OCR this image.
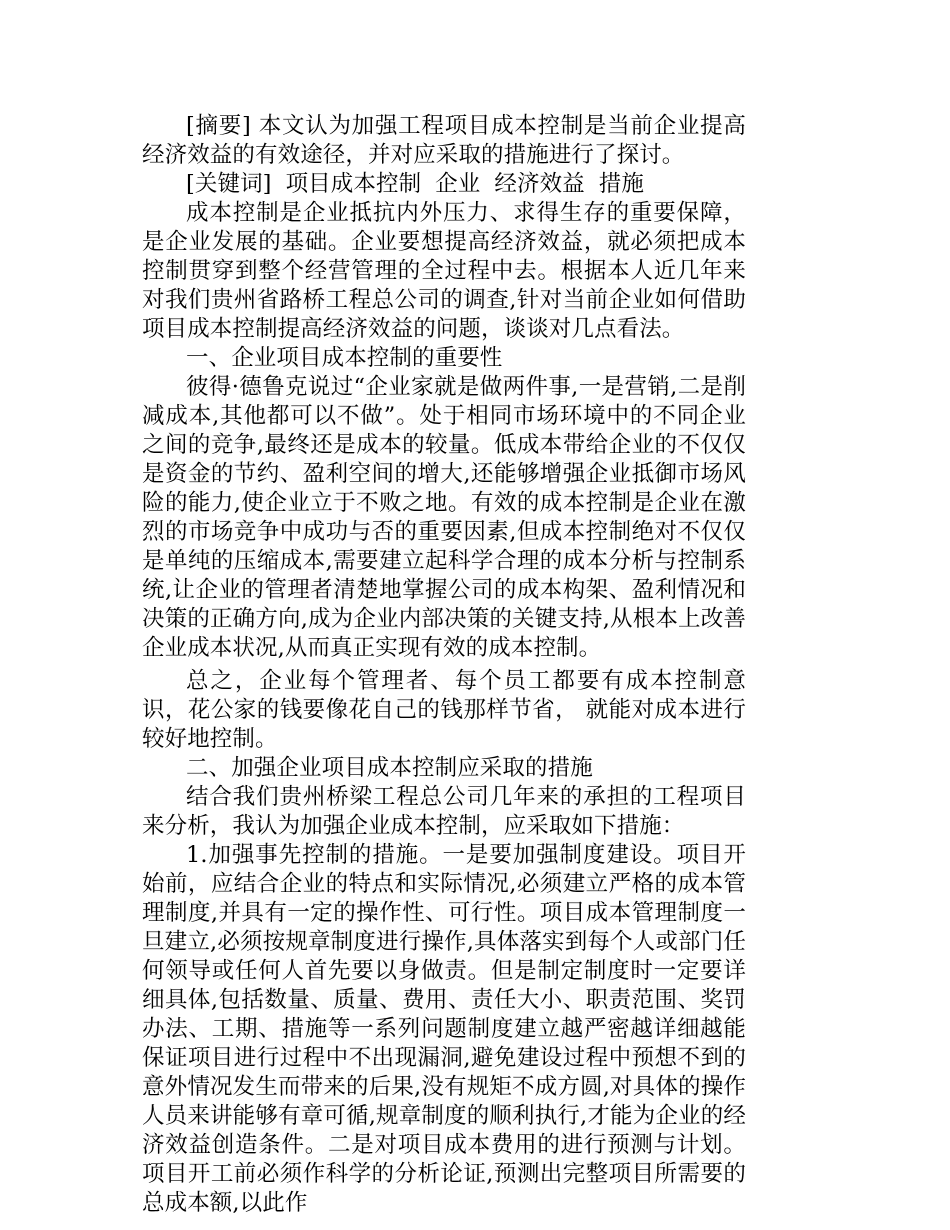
[摘要] 本文认为加强工程项目成本控制是当前企业提高经济效益的有效途径，并对应采取的措施进行了探讨。

[关键词] 项目成本控制 企业 经济效益 措施

成本控制是企业抵抗内外压力、求得生存的重要保障， 是企业发展的基础。企业要想提高经济效益，就必须把成本控制贯穿到整个经营管理的全过程中去。根据本人近几年来对我们贵州省路桥工程总公司的调查,针对当前企业如何借助项目成本控制提高经济效益的问题，谈谈对几点看法。

一、企业项目成本控制的重要性

彼得·德鲁克说过“企业家就是做两件事,一是营销,二是削减成本,其他都可以不做”。处于相同市场环境中的不同企业之间的竞争,最终还是成本的较量。低成本带给企业的不仅仅是资金的节约、盈利空间的增大,还能够增强企业抵御市场风险的能力,使企业立于不败之地。有效的成本控制是企业在激烈的市场竞争中成功与否的重要因素,但成本控制绝对不仅仅是单纯的压缩成本,需要建立起科学合理的成本分析与控制系统,让企业的管理者清楚地掌握公司的成本构架、盈利情况和决策的正确方向,成为企业内部决策的关键支持,从根本上改善企业成本状况,从而真正实现有效的成本控制。

总之，企业每个管理者、每个员工都要有成本控制意识，花公家的钱要像花自己的钱那样节省， 就能对成本进行较好地控制。

二、加强企业项目成本控制应采取的措施

结合我们贵州桥梁工程总公司几年来的承担的工程项目来分析，我认为加强企业成本控制，应采取如下措施：

1.加强事先控制的措施。一是要加强制度建设。项目开始前，应结合企业的特点和实际情况,必须建立严格的成本管理制度,并具有一定的操作性、可行性。项目成本管理制度一旦建立,必须按规章制度进行操作,具体落实到每个人或部门任何领导或任何人首先要以身做责。但是制定制度时一定要详细具体,包括数量、质量、费用、责任大小、职责范围、奖罚办法、工期、措施等一系列问题制度建立越严密越详细越能保证项目进行过程中不出现漏洞,避免建设过程中预想不到的意外情况发生而带来的后果,没有规矩不成方圆,对具体的操作人员来讲能够有章可循,规章制度的顺利执行,才能为企业的经济效益创造条件。二是对项目成本费用的进行预测与计划。项目开工前必须作科学的分析论证,预测出完整项目所需要的总成本额,以此作
